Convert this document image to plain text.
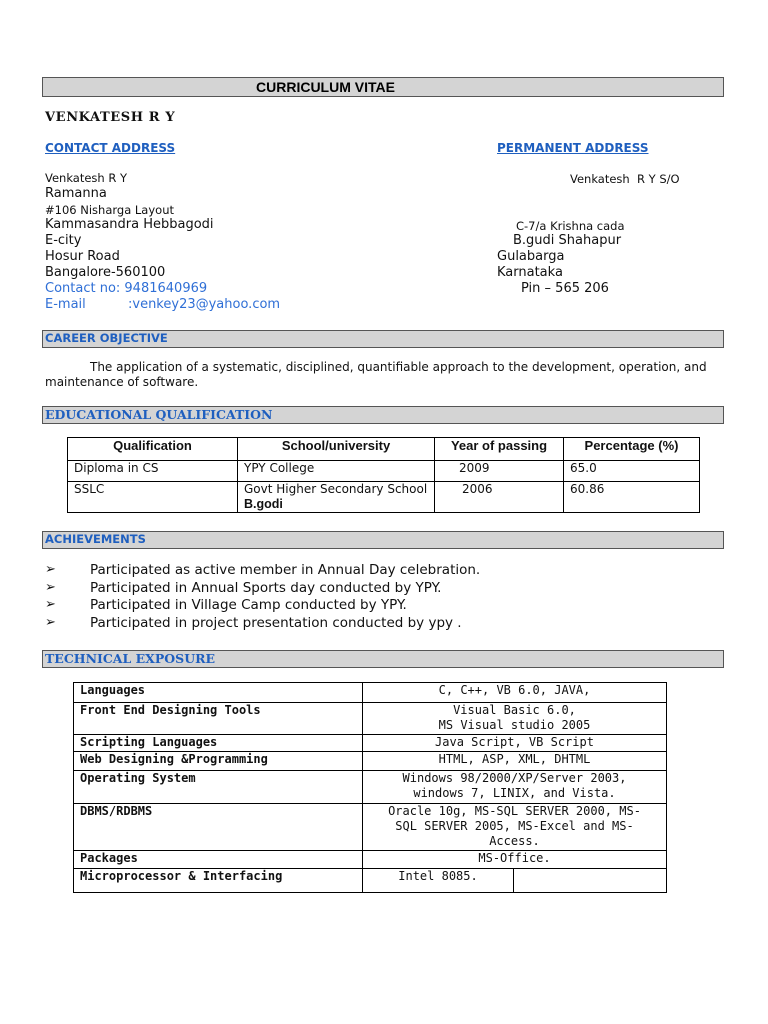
CURRICULUM VITAE
VENKATESH R Y
CONTACT ADDRESS
Venkatesh R Y
Ramanna
#106 Nisharga Layout
Kammasandra Hebbagodi
E-city
Hosur Road
Bangalore-560100
Contact no: 9481640969
E-mail	:venkey23@yahoo.com
PERMANENT ADDRESS
Venkatesh  R Y S/O
C-7/a Krishna cada
B.gudi Shahapur
Gulabarga
Karnataka
Pin – 565 206
CAREER OBJECTIVE
The application of a systematic, disciplined, quantifiable approach to the development, operation, and maintenance of software.
EDUCATIONAL QUALIFICATION
Qualification	School/university	Year of passing	Percentage (%)
Diploma in CS	YPY College	2009	65.0
SSLC	Govt Higher Secondary School B.godi	2006	60.86
ACHIEVEMENTS
➢	Participated as active member in Annual Day celebration.
➢	Participated in Annual Sports day conducted by YPY.
➢	Participated in Village Camp conducted by YPY.
➢	Participated in project presentation conducted by ypy .
TECHNICAL EXPOSURE
Languages	C, C++, VB 6.0, JAVA,	
Front End Designing Tools	Visual Basic 6.0,
MS Visual studio 2005	
Scripting Languages	Java Script, VB Script	
Web Designing &Programming	HTML, ASP, XML, DHTML	
Operating System	Windows 98/2000/XP/Server 2003,
windows 7, LINIX, and Vista.	
DBMS/RDBMS	Oracle 10g, MS-SQL SERVER 2000, MS-
SQL SERVER 2005, MS-Excel and MS-
Access.	
Packages	MS-Office.	
Microprocessor & Interfacing	Intel 8085.	
